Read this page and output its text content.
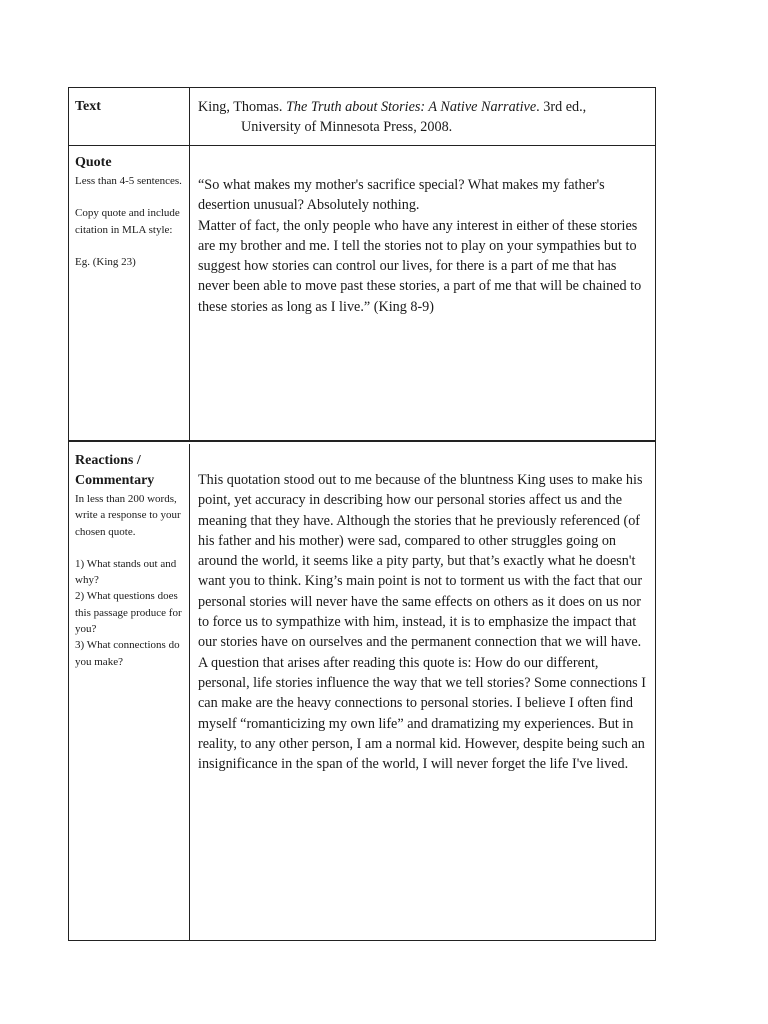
Text	King, Thomas. The Truth about Stories: A Native Narrative. 3rd ed., University of Minnesota Press, 2008.

Quote

Less than 4-5 sentences.

Copy quote and include citation in MLA style:

Eg. (King 23)

“So what makes my mother's sacrifice special? What makes my father's desertion unusual? Absolutely nothing.

Matter of fact, the only people who have any interest in either of these stories are my brother and me. I tell the stories not to play on your sympathies but to suggest how stories can control our lives, for there is a part of me that has never been able to move past these stories, a part of me that will be chained to these stories as long as I live.” (King 8-9)

Reactions / Commentary

In less than 200 words, write a response to your chosen quote.

1) What stands out and why?

2) What questions does this passage produce for you?

3) What connections do you make?

This quotation stood out to me because of the bluntness King uses to make his point, yet accuracy in describing how our personal stories affect us and the meaning that they have. Although the stories that he previously referenced (of his father and his mother) were sad, compared to other struggles going on around the world, it seems like a pity party, but that’s exactly what he doesn't want you to think. King’s main point is not to torment us with the fact that our personal stories will never have the same effects on others as it does on us nor to force us to sympathize with him, instead, it is to emphasize the impact that our stories have on ourselves and the permanent connection that we will have. A question that arises after reading this quote is: How do our different, personal, life stories influence the way that we tell stories? Some connections I can make are the heavy connections to personal stories. I believe I often find myself “romanticizing my own life” and dramatizing my experiences. But in reality, to any other person, I am a normal kid. However, despite being such an insignificance in the span of the world, I will never forget the life I've lived.
